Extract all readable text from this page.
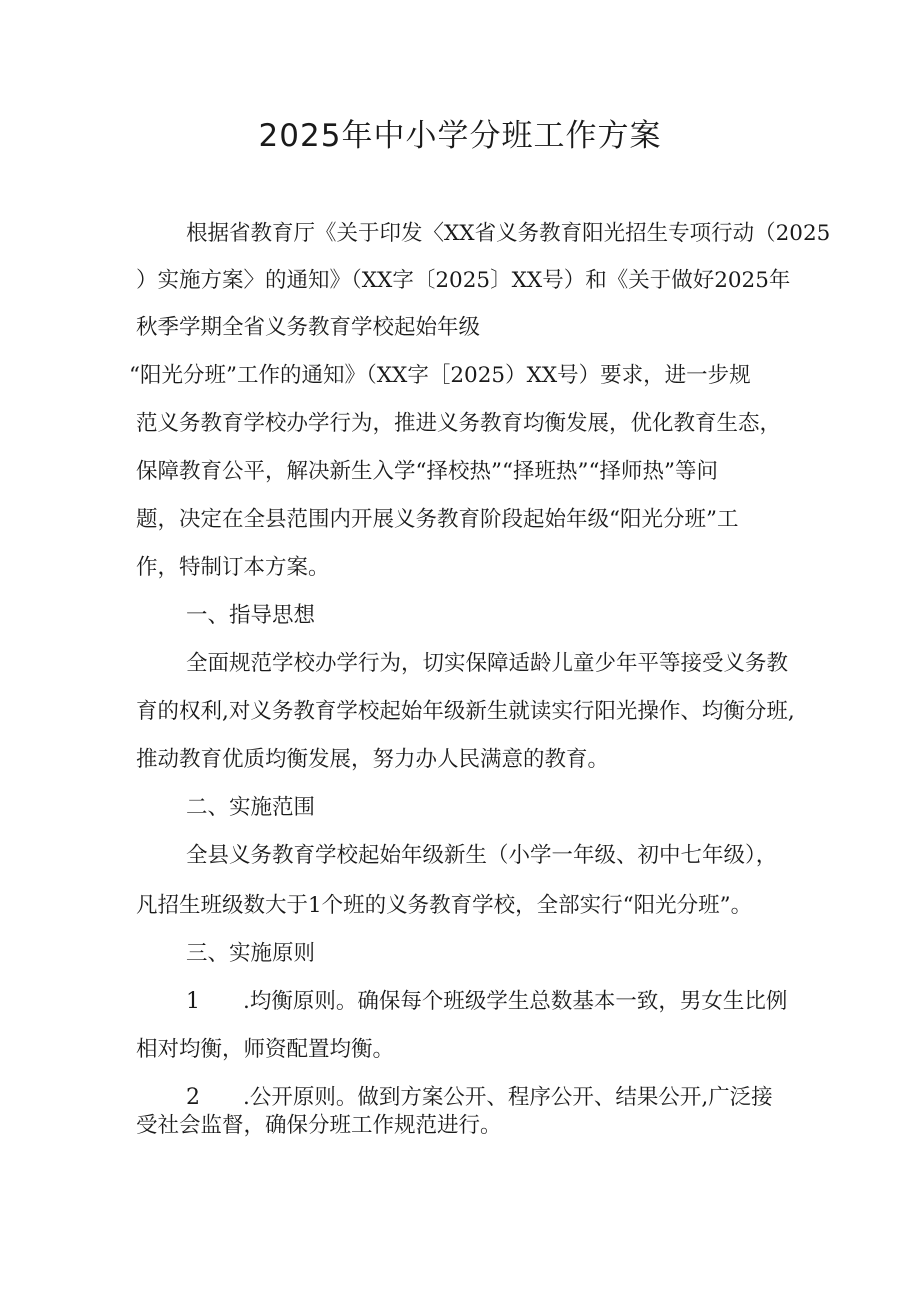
2025年中小学分班工作方案

根据省教育厅《关于印发〈XX省义务教育阳光招生专项行动（2025

）实施方案〉的通知》（XX字〔2025〕XX号）和《关于做好2025年

秋季学期全省义务教育学校起始年级

“阳光分班”工作的通知》（XX字［2025）XX号）要求，进一步规

范义务教育学校办学行为，推进义务教育均衡发展，优化教育生态，

保障教育公平，解决新生入学“择校热”“择班热”“择师热”等问

题，决定在全县范围内开展义务教育阶段起始年级“阳光分班”工

作，特制订本方案。

一、指导思想

全面规范学校办学行为，切实保障适龄儿童少年平等接受义务教

育的权利,对义务教育学校起始年级新生就读实行阳光操作、均衡分班,

推动教育优质均衡发展，努力办人民满意的教育。

二、实施范围

全县义务教育学校起始年级新生（小学一年级、初中七年级），

凡招生班级数大于1个班的义务教育学校，全部实行“阳光分班”。

三、实施原则

1 .均衡原则。确保每个班级学生总数基本一致，男女生比例

相对均衡，师资配置均衡。

2 .公开原则。做到方案公开、程序公开、结果公开,广泛接

受社会监督，确保分班工作规范进行。
